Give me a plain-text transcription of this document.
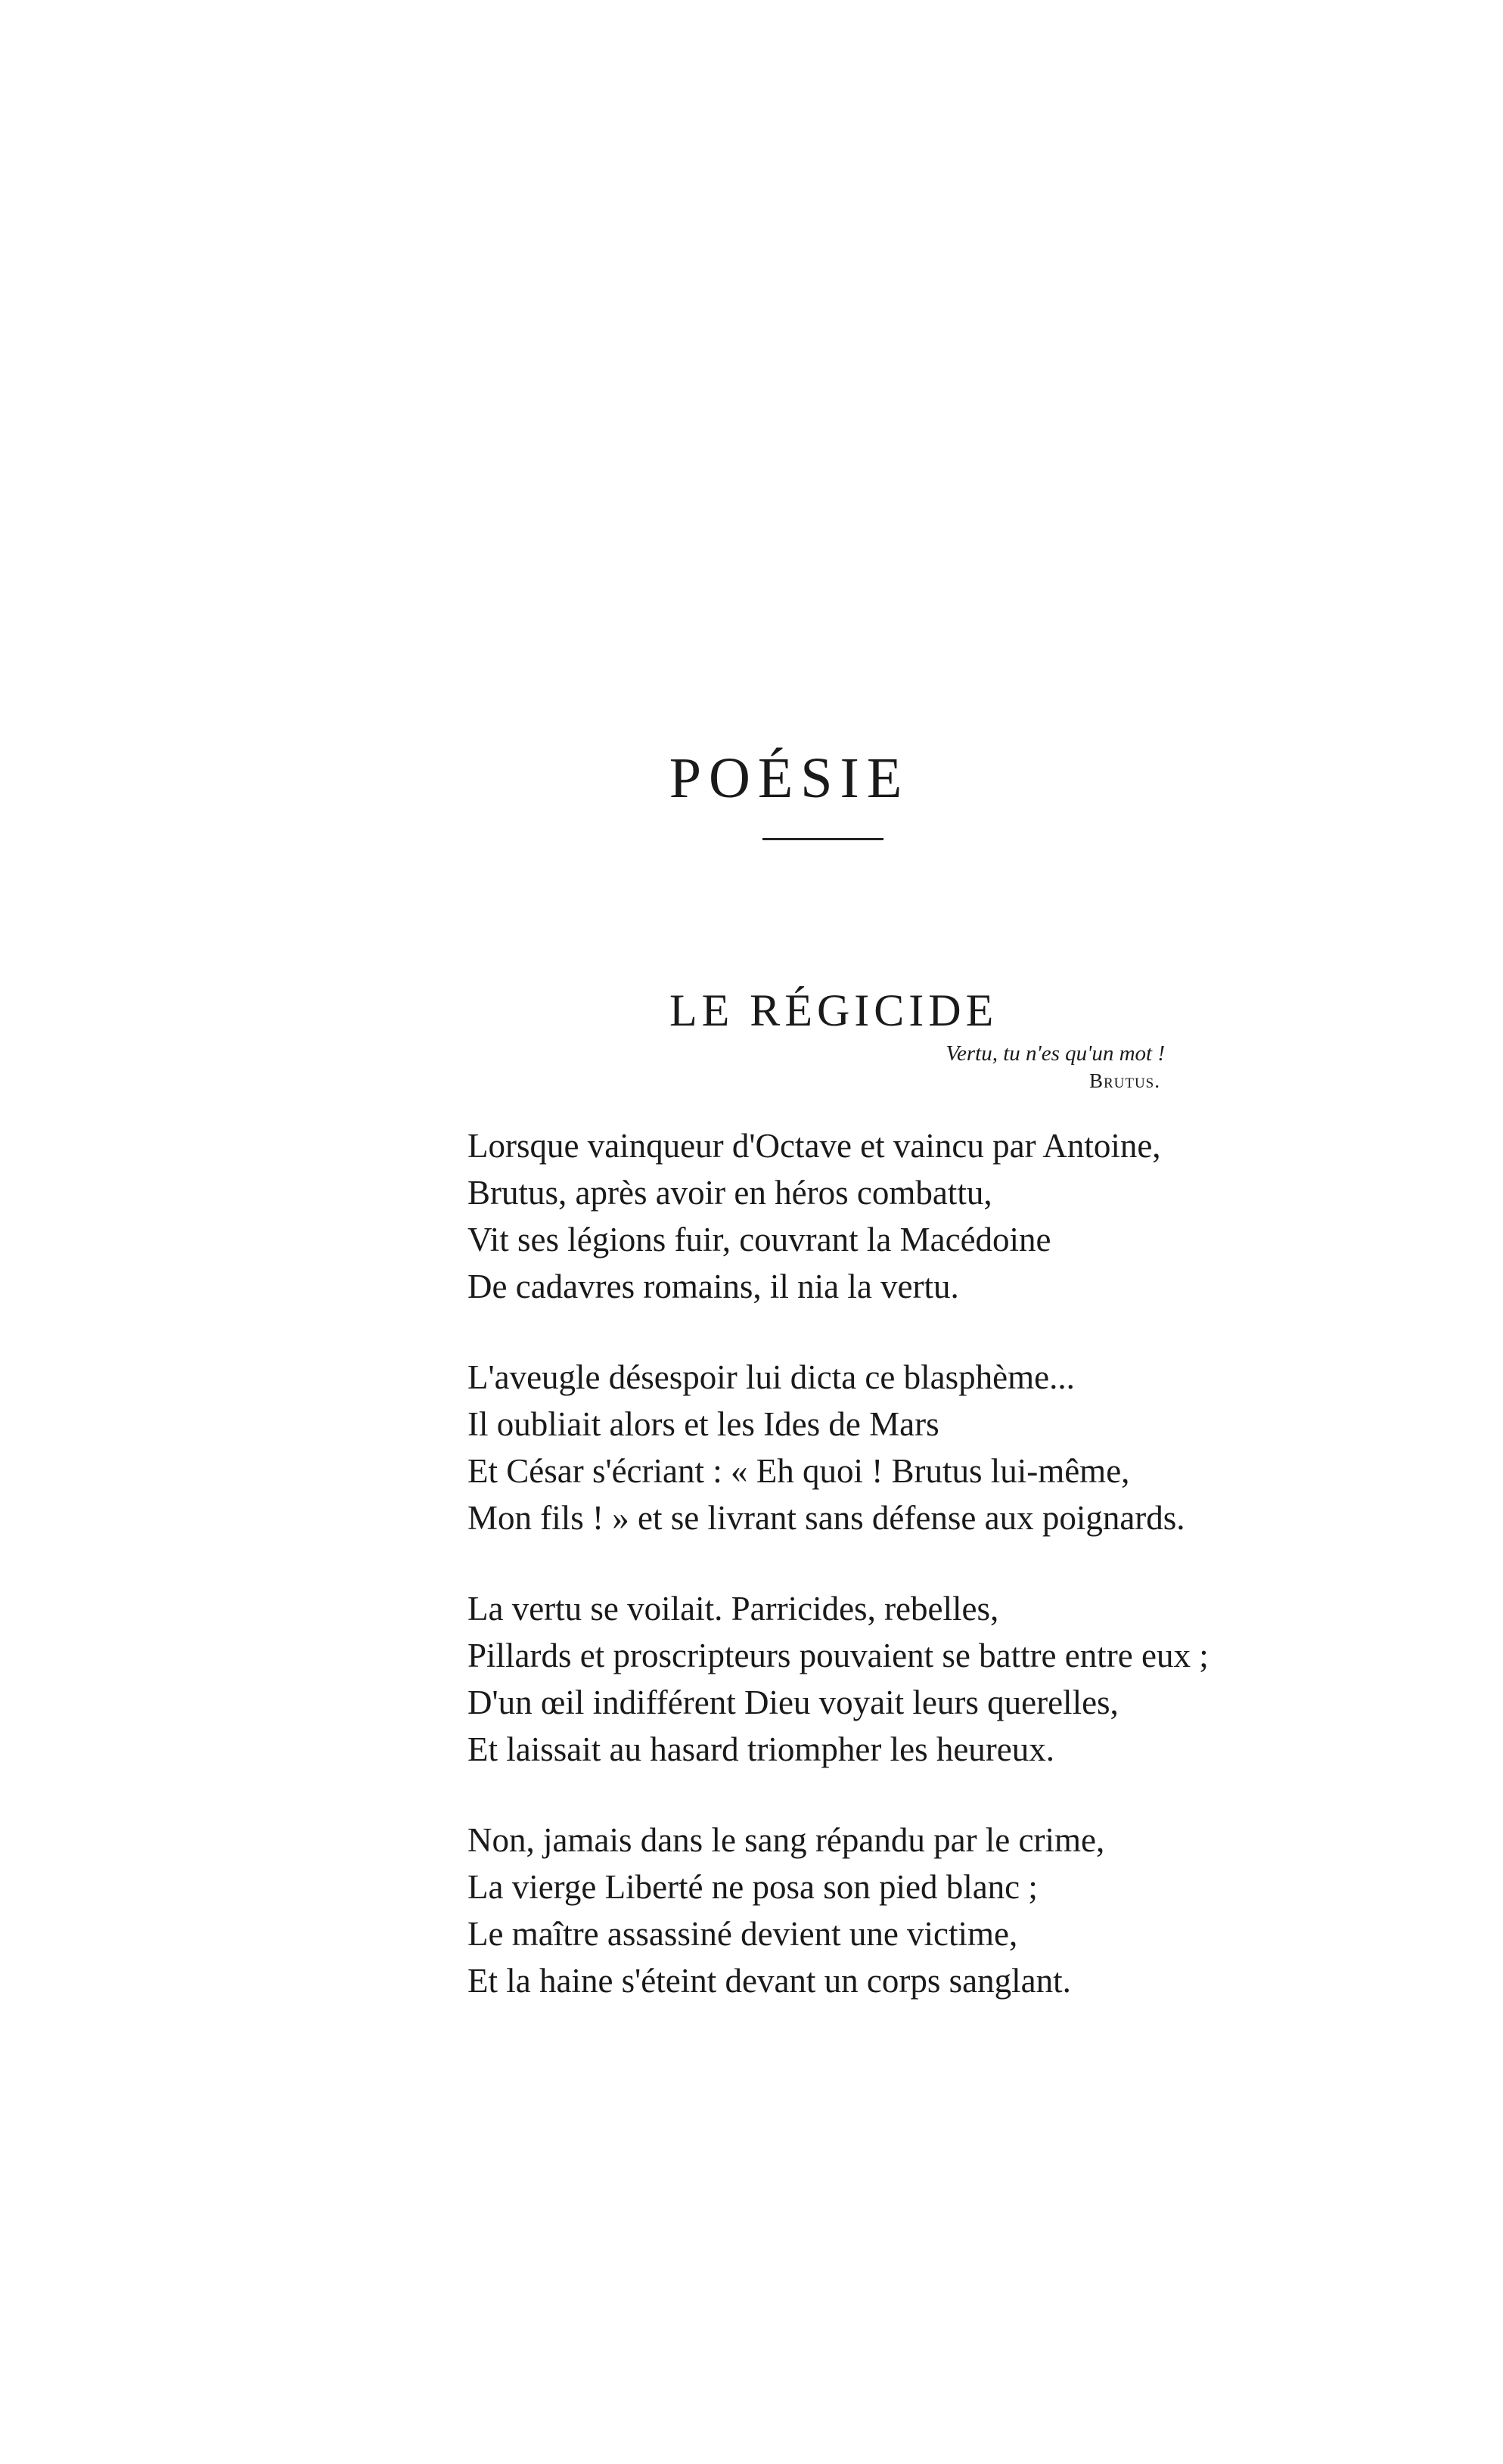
POÉSIE
LE RÉGICIDE
Vertu, tu n'es qu'un mot !
Brutus.
Lorsque vainqueur d'Octave et vaincu par Antoine,
Brutus, après avoir en héros combattu,
Vit ses légions fuir, couvrant la Macédoine
De cadavres romains, il nia la vertu.
L'aveugle désespoir lui dicta ce blasphème...
Il oubliait alors et les Ides de Mars
Et César s'écriant : « Eh quoi ! Brutus lui-même,
Mon fils ! » et se livrant sans défense aux poignards.
La vertu se voilait. Parricides, rebelles,
Pillards et proscripteurs pouvaient se battre entre eux ;
D'un œil indifférent Dieu voyait leurs querelles,
Et laissait au hasard triompher les heureux.
Non, jamais dans le sang répandu par le crime,
La vierge Liberté ne posa son pied blanc ;
Le maître assassiné devient une victime,
Et la haine s'éteint devant un corps sanglant.
